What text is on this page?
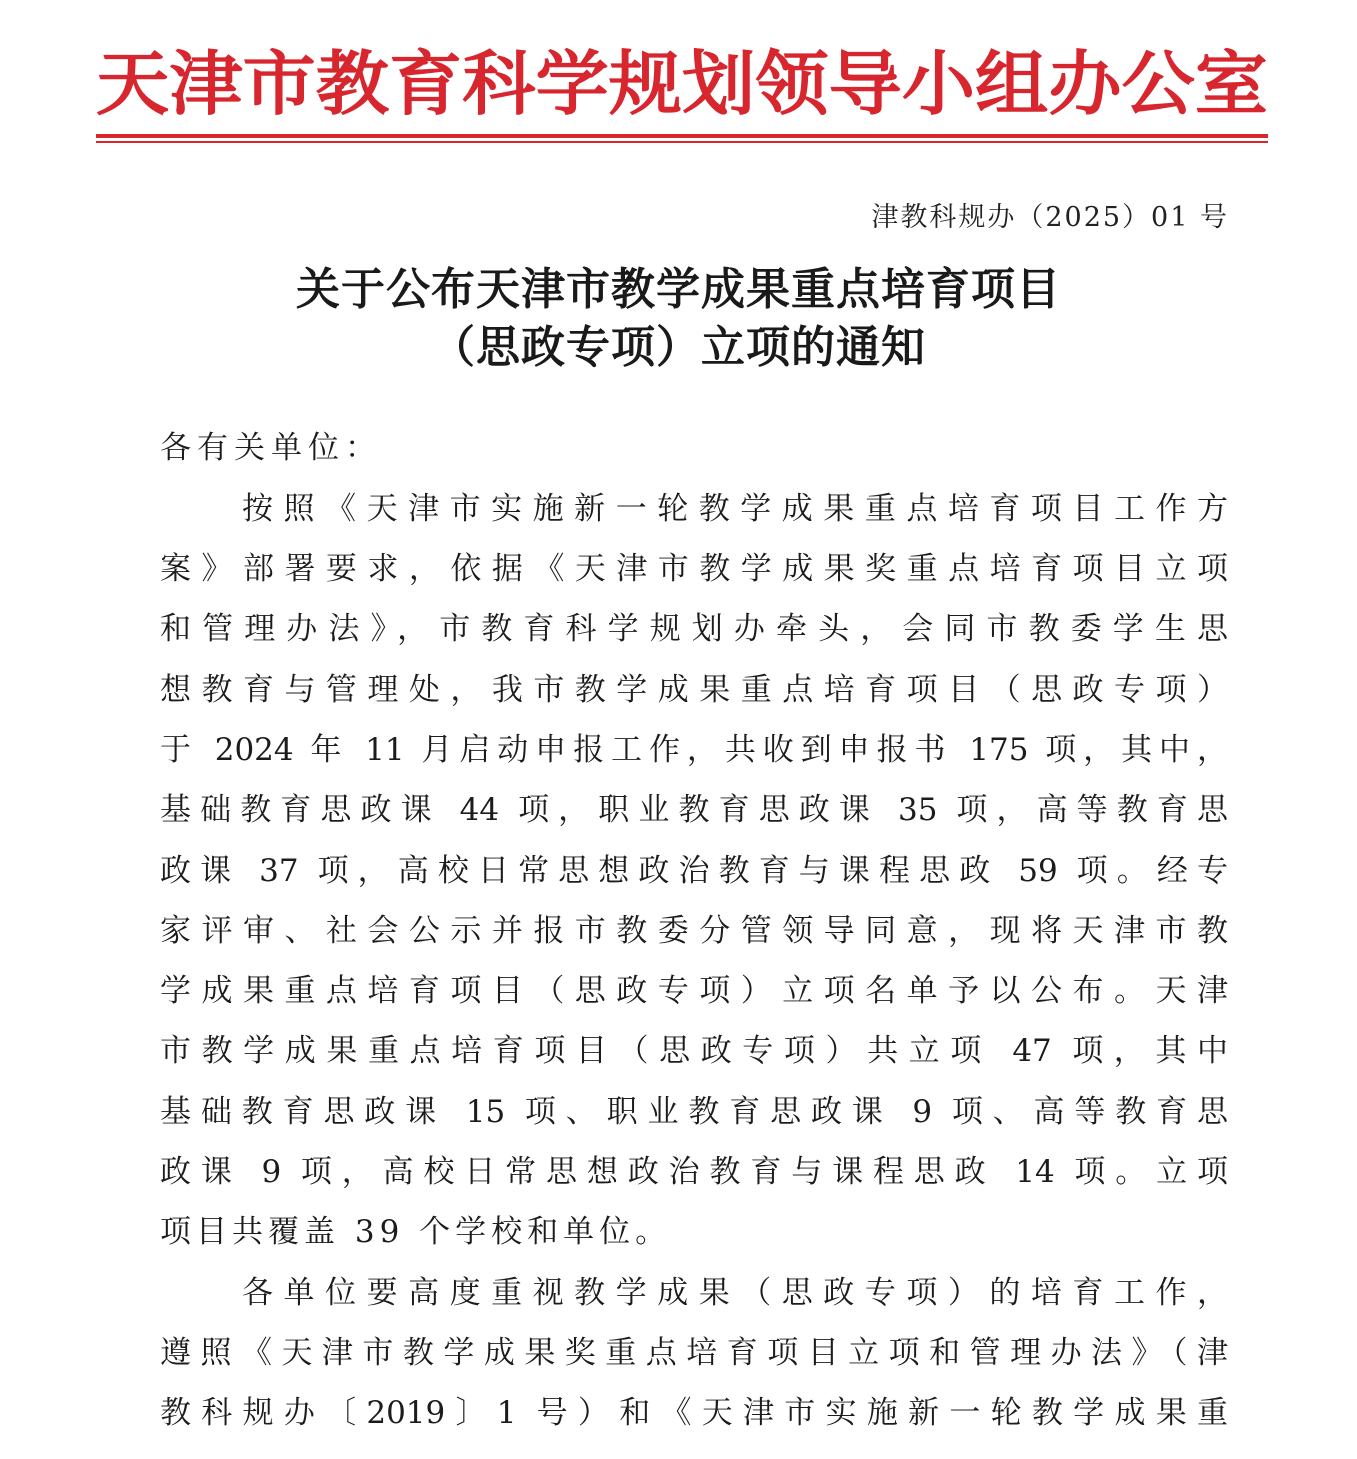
天津市教育科学规划领导小组办公室
津教科规办（2025）01 号
关于公布天津市教学成果重点培育项目
（思政专项）立项的通知
各有关单位：
按照《天津市实施新一轮教学成果重点培育项目工作方
案》部署要求，依据《天津市教学成果奖重点培育项目立项
和管理办法》，市教育科学规划办牵头，会同市教委学生思
想教育与管理处，我市教学成果重点培育项目（思政专项）
于 2024 年 11 月启动申报工作，共收到申报书 175 项，其中，
基础教育思政课 44 项，职业教育思政课 35 项，高等教育思
政课 37 项，高校日常思想政治教育与课程思政 59 项。经专
家评审、社会公示并报市教委分管领导同意，现将天津市教
学成果重点培育项目（思政专项）立项名单予以公布。天津
市教学成果重点培育项目（思政专项）共立项 47 项，其中
基础教育思政课 15 项、职业教育思政课 9 项、高等教育思
政课 9 项，高校日常思想政治教育与课程思政 14 项。立项
项目共覆盖 39 个学校和单位。
各单位要高度重视教学成果（思政专项）的培育工作，
遵照《天津市教学成果奖重点培育项目立项和管理办法》（津
教科规办〔2019〕1 号）和《天津市实施新一轮教学成果重
